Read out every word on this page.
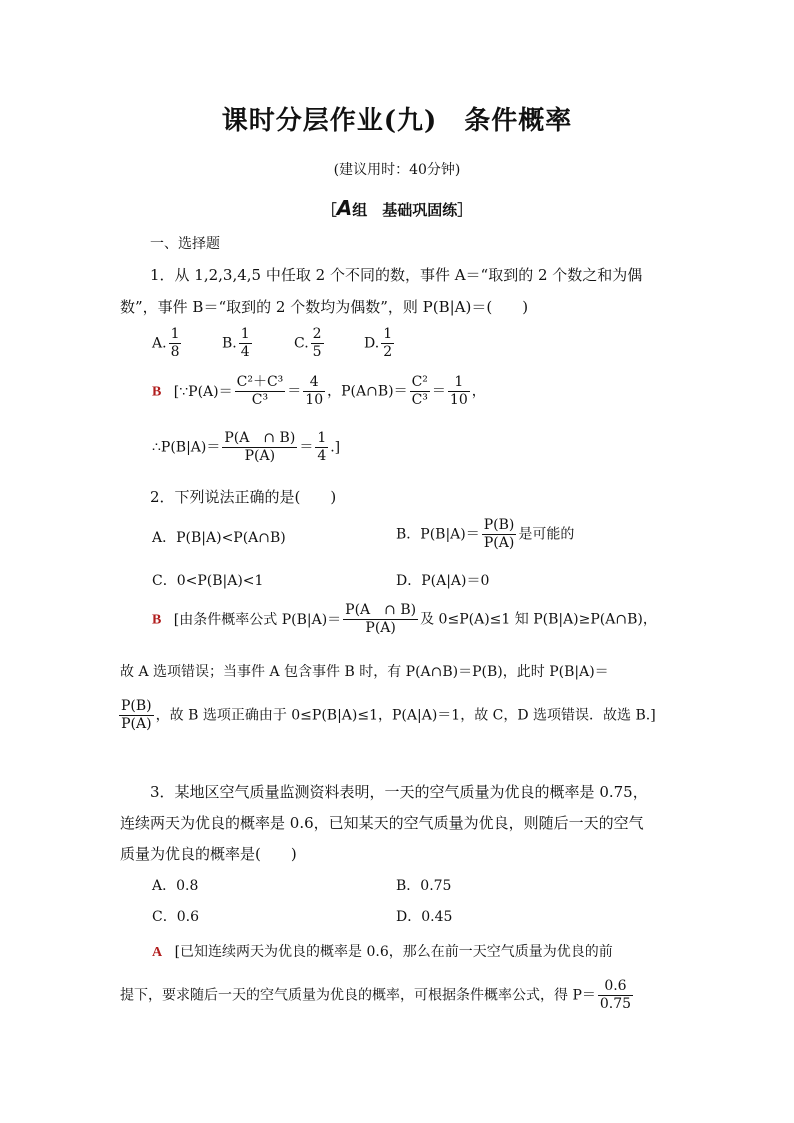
课时分层作业(九)　条件概率
(建议用时：40分钟)
［A组　基础巩固练］
一、选择题
1．从 1,2,3,4,5 中任取 2 个不同的数，事件 A＝“取到的 2 个数之和为偶
数”，事件 B＝“取到的 2 个数均为偶数”，则 P(B|A)＝(　　)
A. $\frac{1}{8}$	B. $\frac{1}{4}$	C. $\frac{2}{5}$	D. $\frac{1}{2}$
B [∵P(A)＝ $\frac{\text{C²＋C³}}{\text{C³}} = \frac{4}{10}$ ，P(A∩B)＝ $\frac{\text{C²}}{\text{C³}} = \frac{1}{10}$ ，
∴P(B|A)＝ $\frac{P(A \cap B)}{P(A)} = \frac{1}{4}$ .]
2．下列说法正确的是(　　)
A．P(B|A)<P(A∩B)	B．$P(B|A)= \frac{P(B)}{P(A)}$ 是可能的
C．0<P(B|A)<1	D．P(A|A)＝0
B [由条件概率公式 $P(B|A)= \frac{P(A \cap B)}{P(A)}$ 及 0≤P(A)≤1 知 P(B|A)≥P(A∩B)，
故 A 选项错误；当事件 A 包含事件 B 时，有 P(A∩B)＝P(B)，此时 P(B|A)＝
$\frac{P(B)}{P(A)}$ ，故 B 选项正确由于 0≤P(B|A)≤1，P(A|A)＝1，故 C，D 选项错误．故选 B.]
3．某地区空气质量监测资料表明，一天的空气质量为优良的概率是 0.75，
连续两天为优良的概率是 0.6，已知某天的空气质量为优良，则随后一天的空气
质量为优良的概率是(　　)
A．0.8	B．0.75
C．0.6	D．0.45
A [已知连续两天为优良的概率是 0.6，那么在前一天空气质量为优良的前
提下，要求随后一天的空气质量为优良的概率，可根据条件概率公式，得 $P= \frac{0.6}{0.75}$
